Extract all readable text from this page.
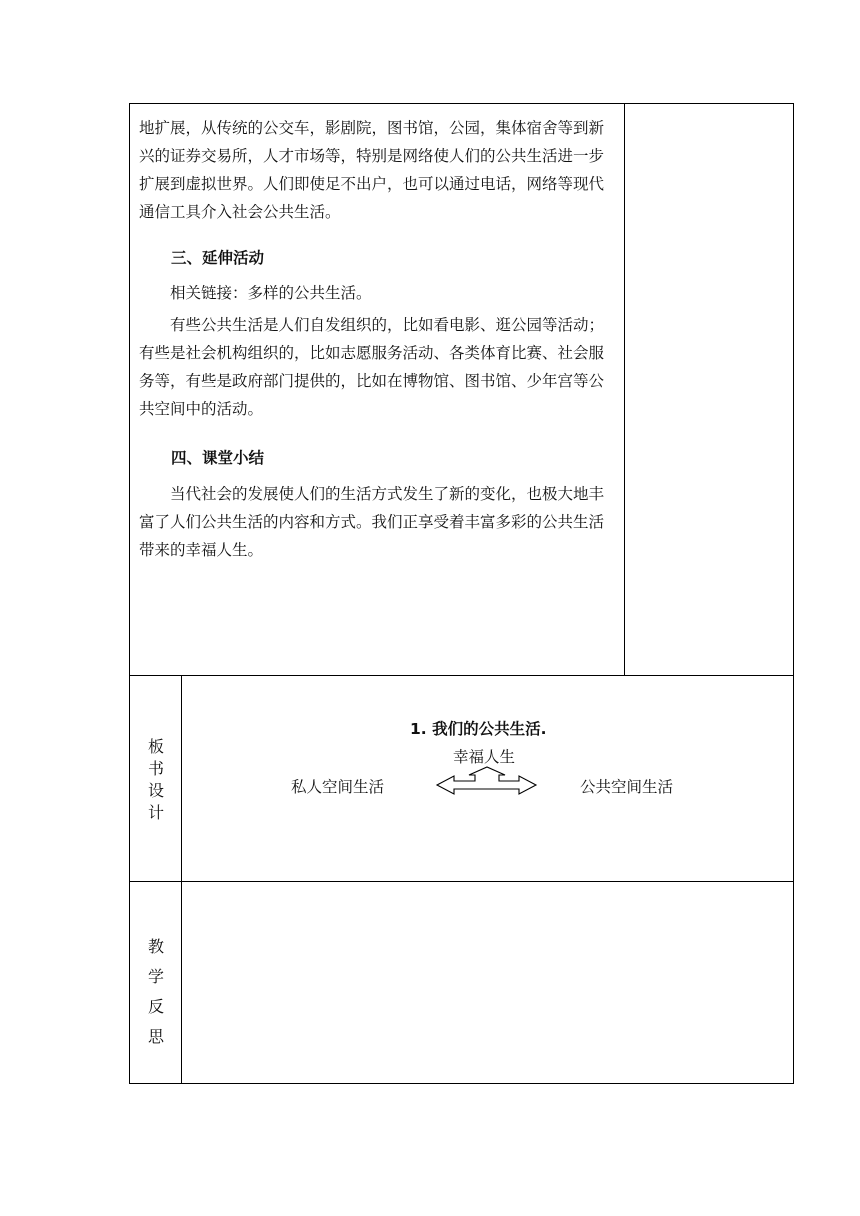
地扩展，从传统的公交车，影剧院，图书馆，公园，集体宿舍等到新兴的证券交易所，人才市场等，特别是网络使人们的公共生活进一步扩展到虚拟世界。人们即使足不出户，也可以通过电话，网络等现代通信工具介入社会公共生活。

三、延伸活动

相关链接：多样的公共生活。

有些公共生活是人们自发组织的，比如看电影、逛公园等活动；有些是社会机构组织的，比如志愿服务活动、各类体育比赛、社会服务等，有些是政府部门提供的，比如在博物馆、图书馆、少年宫等公共空间中的活动。

四、课堂小结

当代社会的发展使人们的生活方式发生了新的变化，也极大地丰富了人们公共生活的内容和方式。我们正享受着丰富多彩的公共生活带来的幸福人生。

板
书
设
计
1. 我们的公共生活.
幸福人生
私人空间生活	公共空间生活
教
学
反
思
